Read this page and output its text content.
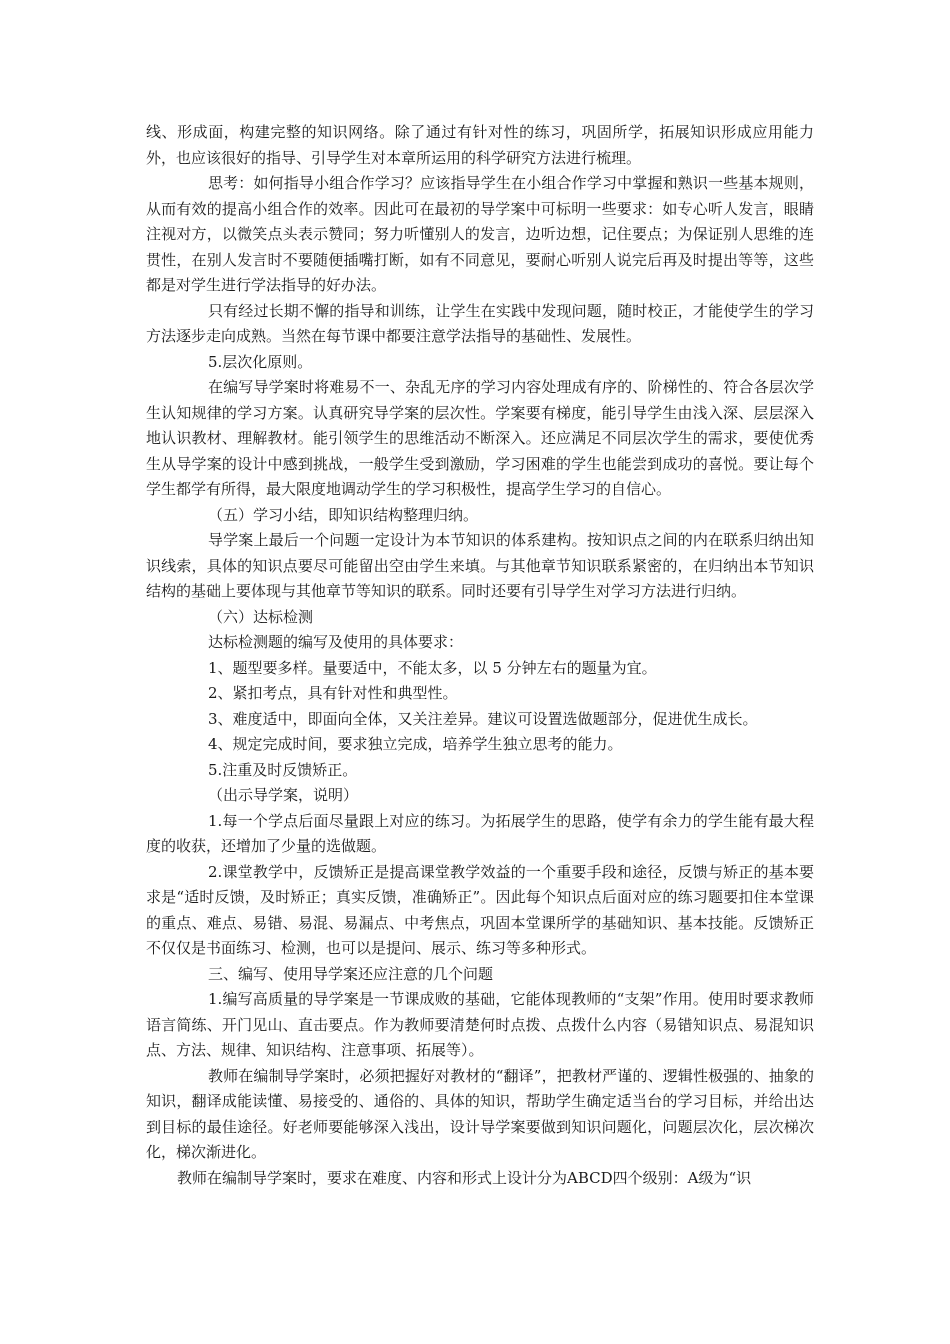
线、形成面，构建完整的知识网络。除了通过有针对性的练习，巩固所学，拓展知识形成应用能力外，也应该很好的指导、引导学生对本章所运用的科学研究方法进行梳理。

思考：如何指导小组合作学习？应该指导学生在小组合作学习中掌握和熟识一些基本规则，从而有效的提高小组合作的效率。因此可在最初的导学案中可标明一些要求：如专心听人发言，眼睛注视对方，以微笑点头表示赞同；努力听懂别人的发言，边听边想，记住要点；为保证别人思维的连贯性，在别人发言时不要随便插嘴打断，如有不同意见，要耐心听别人说完后再及时提出等等，这些都是对学生进行学法指导的好办法。

只有经过长期不懈的指导和训练，让学生在实践中发现问题，随时校正，才能使学生的学习方法逐步走向成熟。当然在每节课中都要注意学法指导的基础性、发展性。

5.层次化原则。

在编写导学案时将难易不一、杂乱无序的学习内容处理成有序的、阶梯性的、符合各层次学生认知规律的学习方案。认真研究导学案的层次性。学案要有梯度，能引导学生由浅入深、层层深入地认识教材、理解教材。能引领学生的思维活动不断深入。还应满足不同层次学生的需求，要使优秀生从导学案的设计中感到挑战，一般学生受到激励，学习困难的学生也能尝到成功的喜悦。要让每个学生都学有所得，最大限度地调动学生的学习积极性，提高学生学习的自信心。

（五）学习小结，即知识结构整理归纳。

导学案上最后一个问题一定设计为本节知识的体系建构。按知识点之间的内在联系归纳出知识线索，具体的知识点要尽可能留出空由学生来填。与其他章节知识联系紧密的，在归纳出本节知识结构的基础上要体现与其他章节等知识的联系。同时还要有引导学生对学习方法进行归纳。

（六）达标检测

达标检测题的编写及使用的具体要求：

1、题型要多样。量要适中，不能太多，以 5 分钟左右的题量为宜。

2、紧扣考点，具有针对性和典型性。

3、难度适中，即面向全体，又关注差异。建议可设置选做题部分，促进优生成长。

4、规定完成时间，要求独立完成，培养学生独立思考的能力。

5.注重及时反馈矫正。

（出示导学案，说明）

1.每一个学点后面尽量跟上对应的练习。为拓展学生的思路，使学有余力的学生能有最大程度的收获，还增加了少量的选做题。

2.课堂教学中，反馈矫正是提高课堂教学效益的一个重要手段和途径，反馈与矫正的基本要求是“适时反馈，及时矫正；真实反馈，准确矫正”。因此每个知识点后面对应的练习题要扣住本堂课的重点、难点、易错、易混、易漏点、中考焦点，巩固本堂课所学的基础知识、基本技能。反馈矫正不仅仅是书面练习、检测，也可以是提问、展示、练习等多种形式。

三、编写、使用导学案还应注意的几个问题

1.编写高质量的导学案是一节课成败的基础，它能体现教师的“支架”作用。使用时要求教师语言简练、开门见山、直击要点。作为教师要清楚何时点拨、点拨什么内容（易错知识点、易混知识点、方法、规律、知识结构、注意事项、拓展等）。

教师在编制导学案时，必须把握好对教材的“翻译”，把教材严谨的、逻辑性极强的、抽象的知识，翻译成能读懂、易接受的、通俗的、具体的知识，帮助学生确定适当台的学习目标，并给出达到目标的最佳途径。好老师要能够深入浅出，设计导学案要做到知识问题化，问题层次化，层次梯次化，梯次渐进化。

教师在编制导学案时，要求在难度、内容和形式上设计分为ABCD四个级别：A级为“识
